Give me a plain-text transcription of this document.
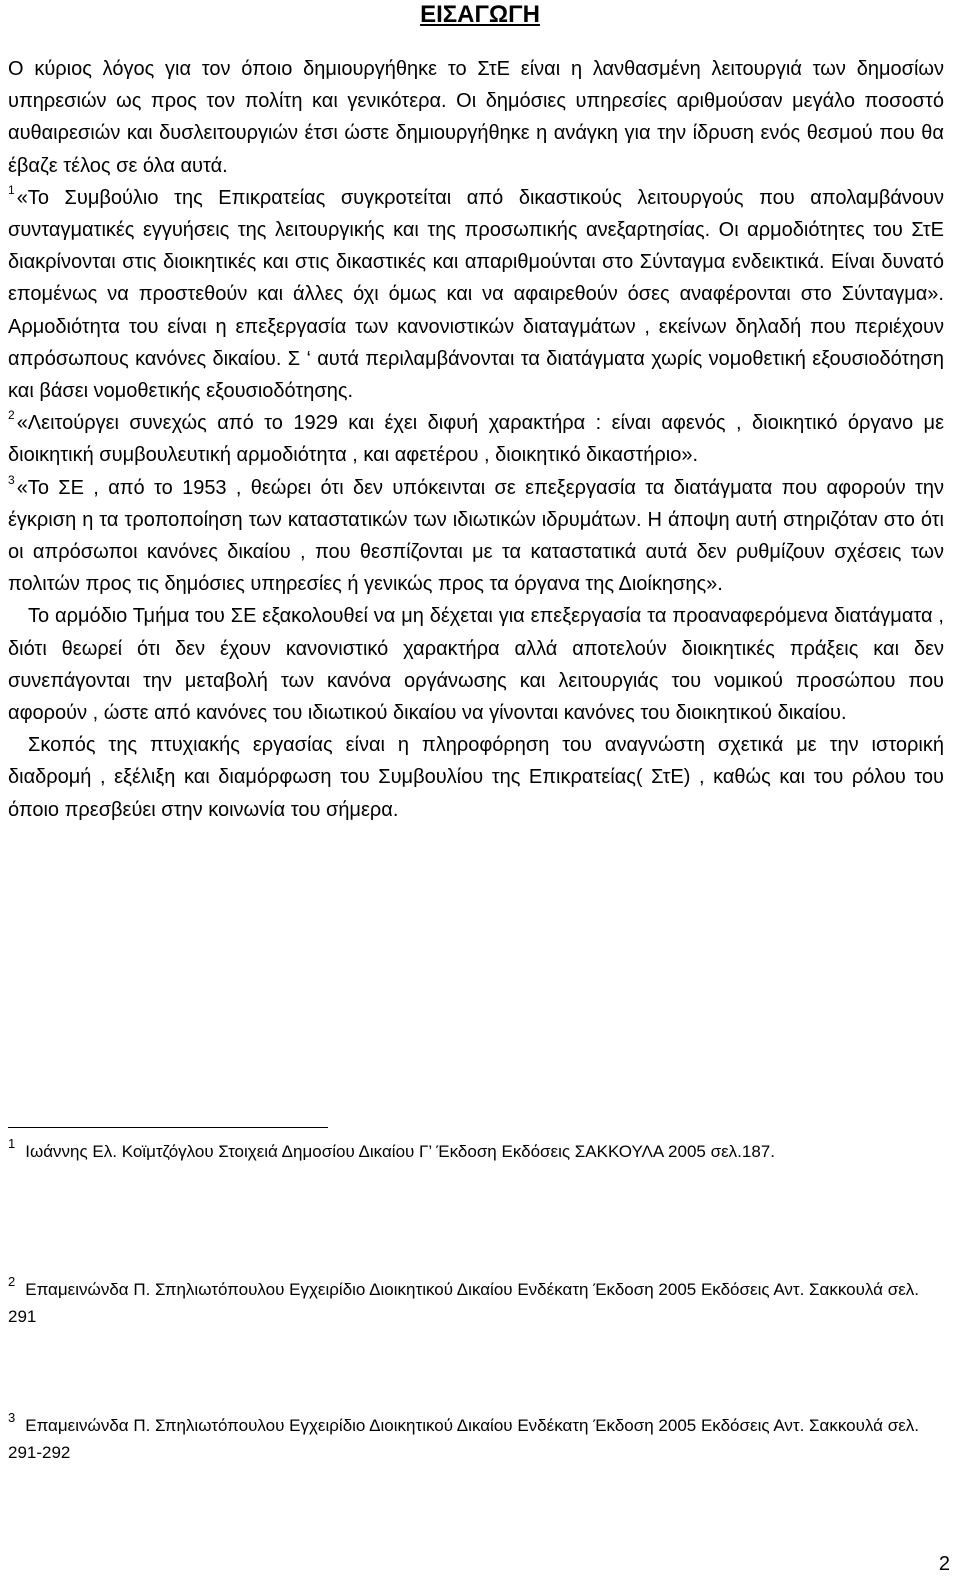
ΕΙΣΑΓΩΓΗ

Ο κύριος λόγος για τον όποιο δημιουργήθηκε το ΣτΕ είναι η λανθασμένη λειτουργιά των δημοσίων υπηρεσιών ως προς τον πολίτη και γενικότερα. Οι δημόσιες υπηρεσίες αριθμούσαν μεγάλο ποσοστό αυθαιρεσιών και δυσλειτουργιών έτσι ώστε δημιουργήθηκε η ανάγκη για την ίδρυση ενός θεσμού που θα έβαζε τέλος σε όλα αυτά.

$^1$ «Το Συμβούλιο της Επικρατείας συγκροτείται από δικαστικούς λειτουργούς που απολαμβάνουν συνταγματικές εγγυήσεις της λειτουργικής και της προσωπικής ανεξαρτησίας. Οι αρμοδιότητες του ΣτΕ διακρίνονται στις διοικητικές και στις δικαστικές και απαριθμούνται στο Σύνταγμα ενδεικτικά. Είναι δυνατό επομένως να προστεθούν και άλλες όχι όμως και να αφαιρεθούν όσες αναφέρονται στο Σύνταγμα». Αρμοδιότητα του είναι η επεξεργασία των κανονιστικών διαταγμάτων , εκείνων δηλαδή που περιέχουν απρόσωπους κανόνες δικαίου. Σ ‘ αυτά περιλαμβάνονται τα διατάγματα χωρίς νομοθετική εξουσιοδότηση και βάσει νομοθετικής εξουσιοδότησης.

$^2$ «Λειτούργει συνεχώς από το 1929 και έχει διφυή χαρακτήρα : είναι αφενός , διοικητικό όργανο με διοικητική συμβουλευτική αρμοδιότητα , και αφετέρου , διοικητικό δικαστήριο».

$^3$ «Το ΣΕ , από το 1953 , θεώρει ότι δεν υπόκεινται σε επεξεργασία τα διατάγματα που αφορούν την έγκριση η τα τροποποίηση των καταστατικών των ιδιωτικών ιδρυμάτων. Η άποψη αυτή στηριζόταν στο ότι οι απρόσωποι κανόνες δικαίου , που θεσπίζονται με τα καταστατικά αυτά δεν ρυθμίζουν σχέσεις των πολιτών προς τις δημόσιες υπηρεσίες ή γενικώς προς τα όργανα της Διοίκησης».

Το αρμόδιο Τμήμα του ΣΕ εξακολουθεί να μη δέχεται για επεξεργασία τα προαναφερόμενα διατάγματα , διότι θεωρεί ότι δεν έχουν κανονιστικό χαρακτήρα αλλά αποτελούν διοικητικές πράξεις και δεν συνεπάγονται την μεταβολή των κανόνα οργάνωσης και λειτουργιάς του νομικού προσώπου που αφορούν , ώστε από κανόνες του ιδιωτικού δικαίου να γίνονται κανόνες του διοικητικού δικαίου.

Σκοπός της πτυχιακής εργασίας είναι η πληροφόρηση του αναγνώστη σχετικά με την ιστορική διαδρομή , εξέλιξη και διαμόρφωση του Συμβουλίου της Επικρατείας( ΣτΕ) , καθώς και του ρόλου του όποιο πρεσβεύει στην κοινωνία του σήμερα.

$^1$ Ιωάννης Ελ. Κοϊμτζόγλου Στοιχειά Δημοσίου Δικαίου Γ’ Έκδοση Εκδόσεις ΣΑΚΚΟΥΛΑ 2005 σελ.187.
$^2$ Επαμεινώνδα Π. Σπηλιωτόπουλου Εγχειρίδιο Διοικητικού Δικαίου Ενδέκατη Έκδοση 2005 Εκδόσεις Αντ. Σακκουλά σελ. 291
$^3$ Επαμεινώνδα Π. Σπηλιωτόπουλου Εγχειρίδιο Διοικητικού Δικαίου Ενδέκατη Έκδοση 2005 Εκδόσεις Αντ. Σακκουλά σελ. 291-292
2
